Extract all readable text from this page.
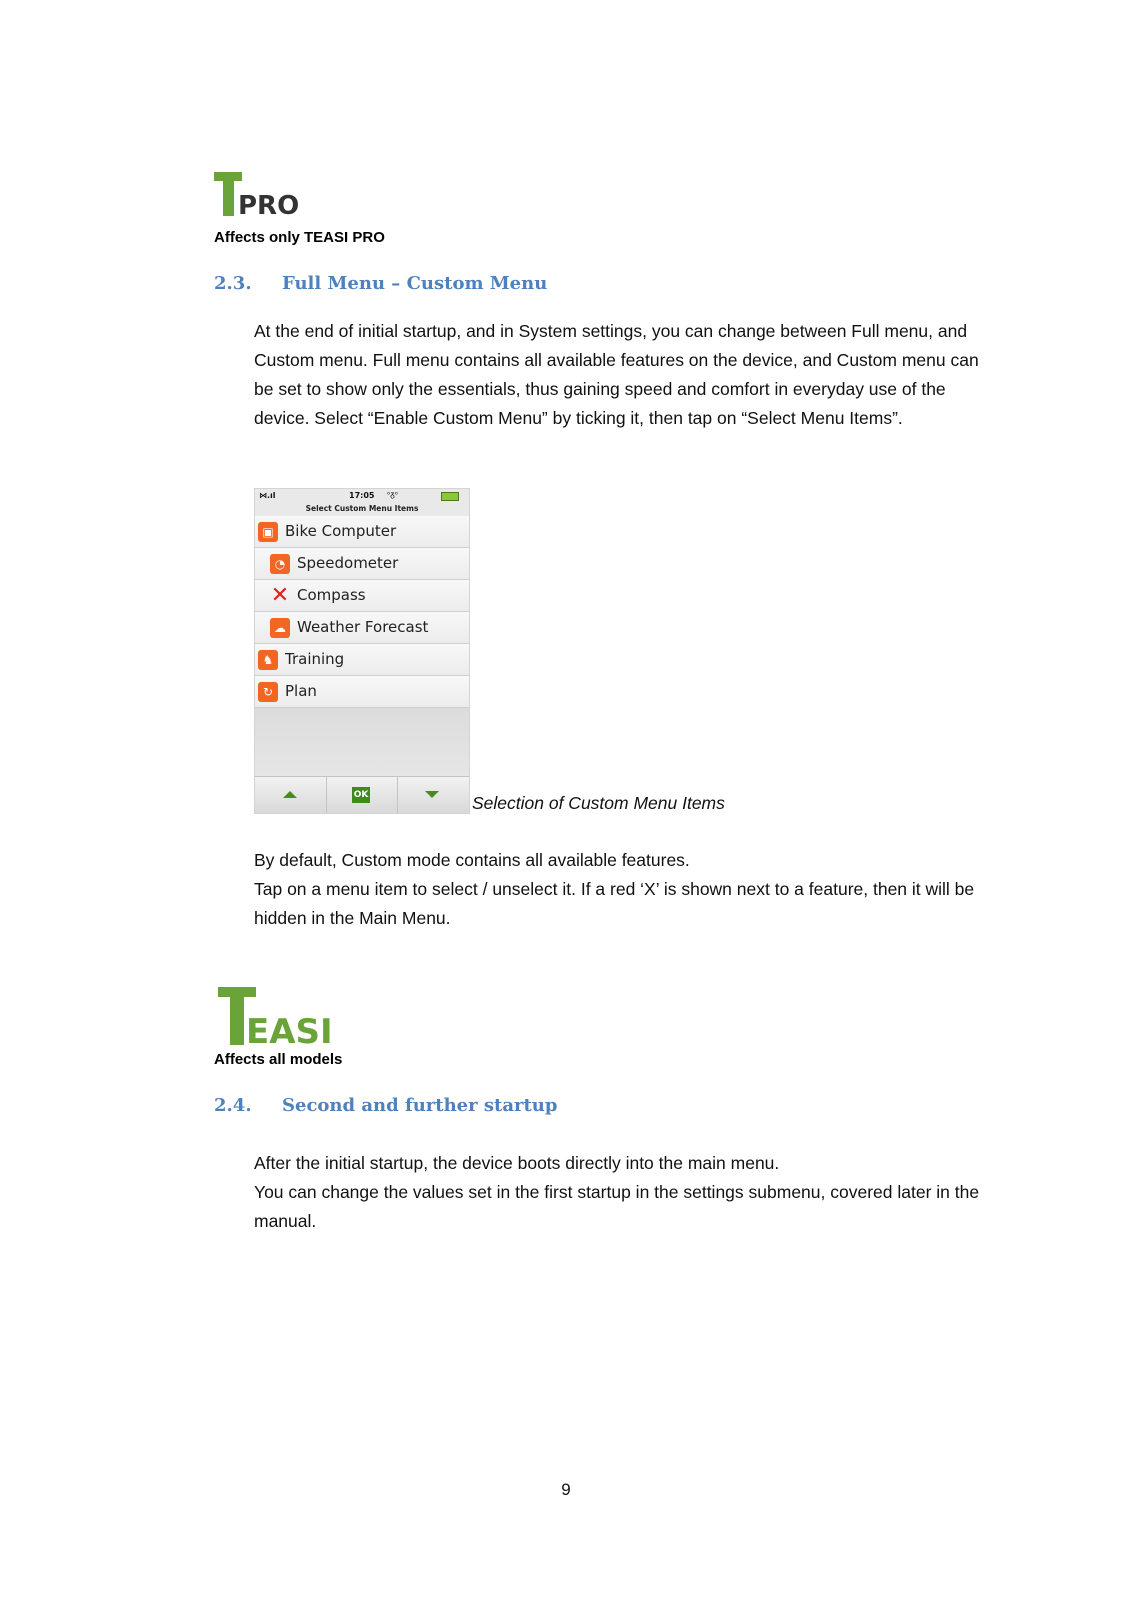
PRO
Affects only TEASI PRO
2.3. Full Menu – Custom Menu

At the end of initial startup, and in System settings, you can change between Full menu, and Custom menu. Full menu contains all available features on the device, and Custom menu can be set to show only the essentials, thus gaining speed and comfort in everyday use of the device. Select “Enable Custom Menu” by ticking it, then tap on “Select Menu Items”.

⋈.ıl	17:05 ᵒᵹᵒ
Select Custom Menu Items
▣ Bike Computer
◔ Speedometer
✕ Compass
☁ Weather Forecast
♞ Training
↻ Plan
OK	Selection of Custom Menu Items

By default, Custom mode contains all available features.

Tap on a menu item to select / unselect it. If a red ‘X’ is shown next to a feature, then it will be hidden in the Main Menu.

EASI
Affects all models
2.4. Second and further startup

After the initial startup, the device boots directly into the main menu.

You can change the values set in the first startup in the settings submenu, covered later in the manual.

9
